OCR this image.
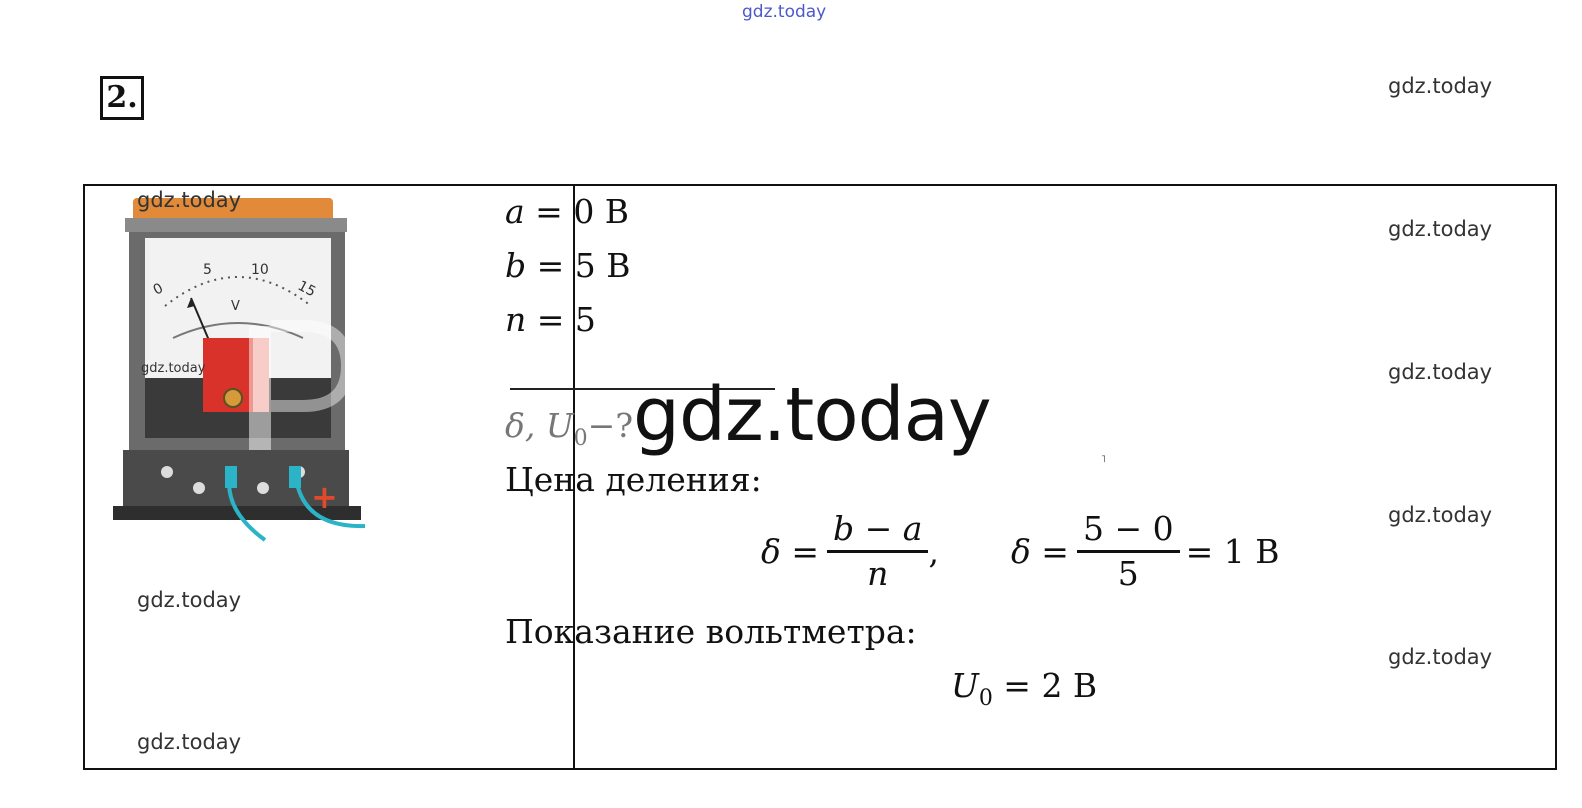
gdz.today
2.	gdz.today
+
0
5	10
15
V
gdz.today
gdz.today
gdz.today
gdz.today
a = 0 В
b = 5 В
n = 5
δ, $U_0-$? gdz.today
Цена деления:
$\delta = \frac{b - a}{n}$ , $\delta = \frac{5 - 0}{5} = 1$ В
Показание вольтметра:
$U_0 = 2$ В
˥
gdz.today
gdz.today
gdz.today
gdz.today
